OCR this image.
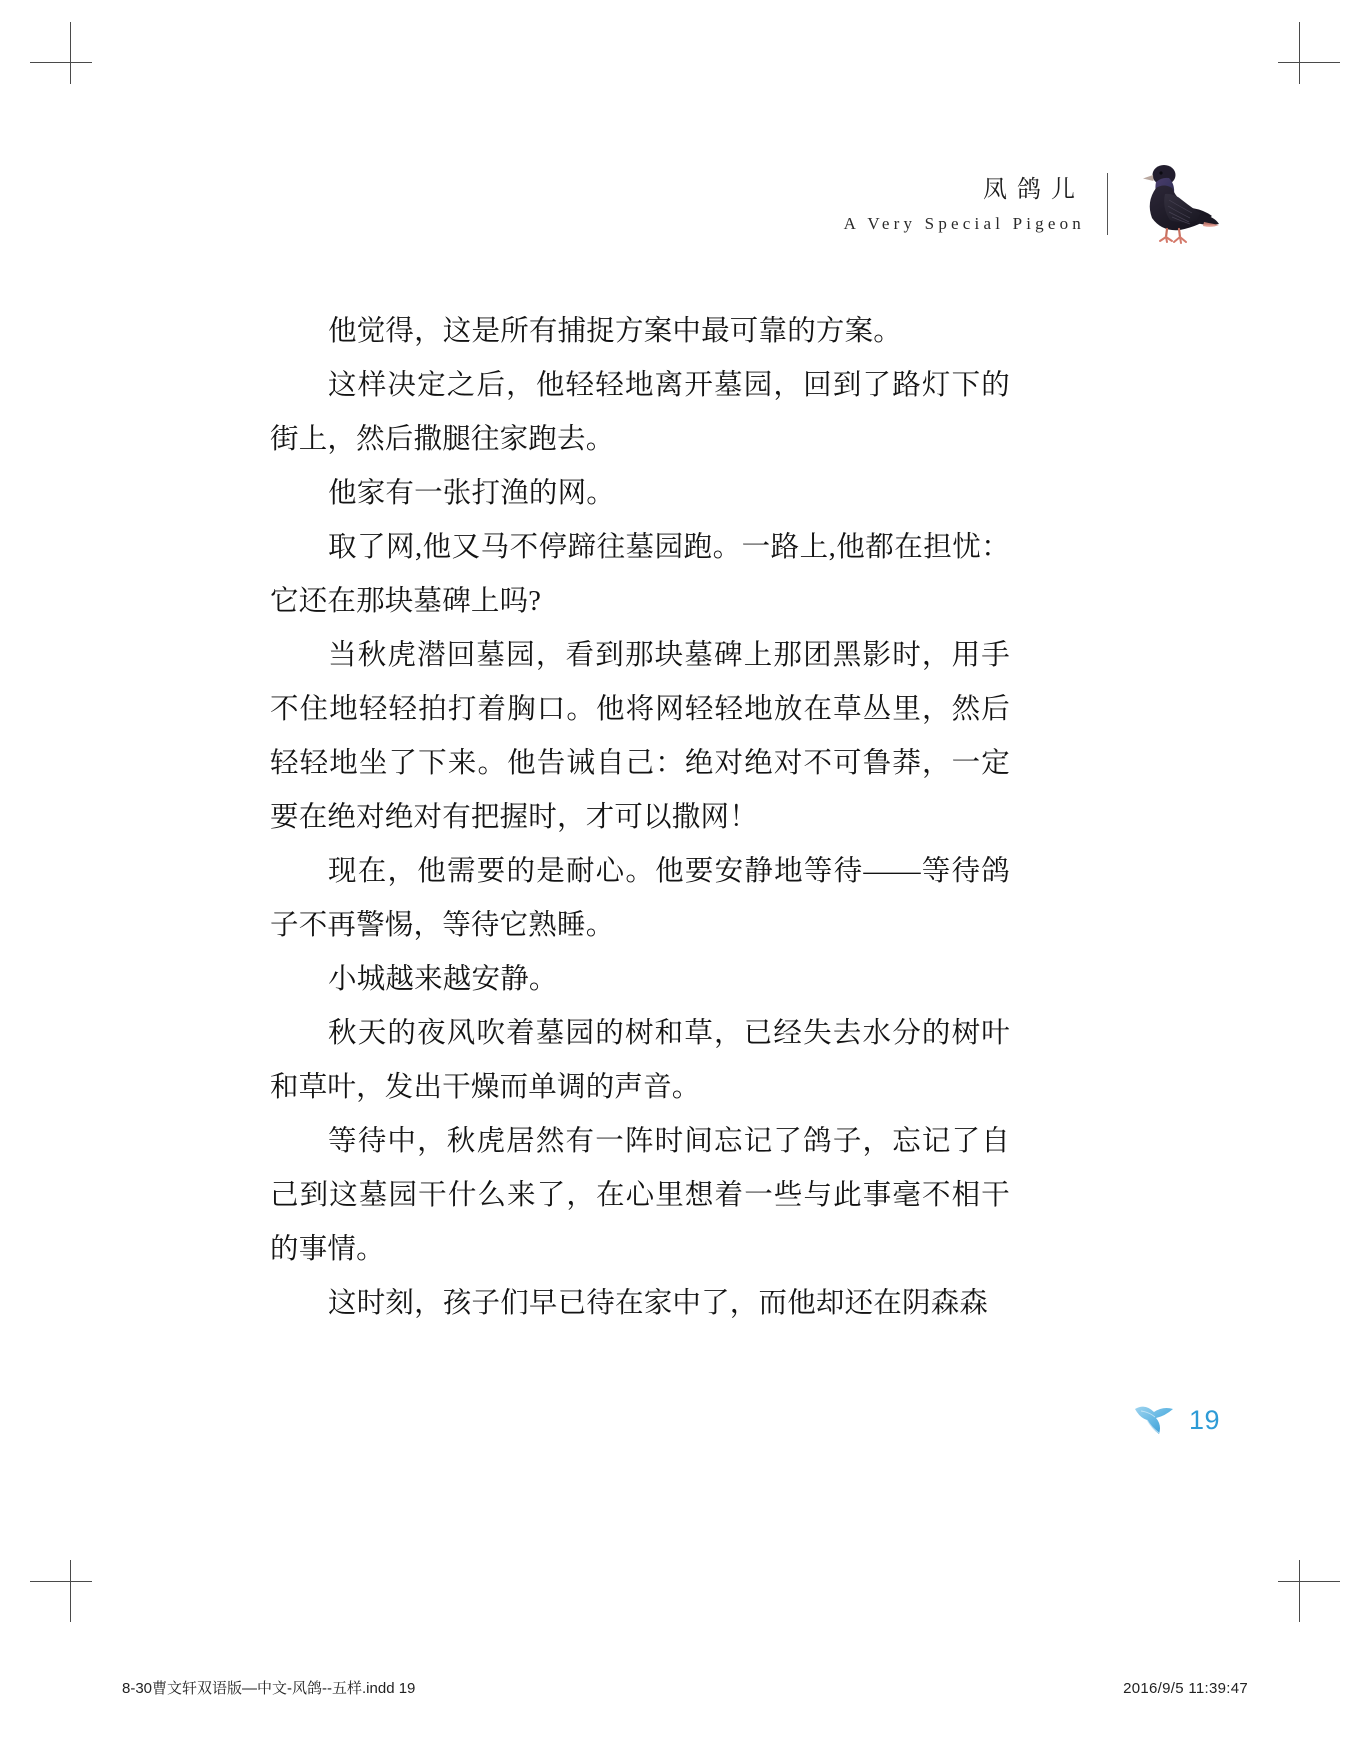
凤鸽儿
A Very Special Pigeon

他觉得，这是所有捕捉方案中最可靠的方案。

这样决定之后，他轻轻地离开墓园，回到了路灯下的街上，然后撒腿往家跑去。

他家有一张打渔的网。

取了网,他又马不停蹄往墓园跑。一路上,他都在担忧：它还在那块墓碑上吗?

当秋虎潜回墓园，看到那块墓碑上那团黑影时，用手不住地轻轻拍打着胸口。他将网轻轻地放在草丛里，然后轻轻地坐了下来。他告诫自己：绝对绝对不可鲁莽，一定要在绝对绝对有把握时，才可以撒网！

现在，他需要的是耐心。他要安静地等待——等待鸽子不再警惕，等待它熟睡。

小城越来越安静。

秋天的夜风吹着墓园的树和草，已经失去水分的树叶和草叶，发出干燥而单调的声音。

等待中，秋虎居然有一阵时间忘记了鸽子，忘记了自己到这墓园干什么来了，在心里想着一些与此事毫不相干的事情。

这时刻，孩子们早已待在家中了，而他却还在阴森森

19
8-30曹文轩双语版—中文-风鸽--五样.indd 19	2016/9/5 11:39:47
